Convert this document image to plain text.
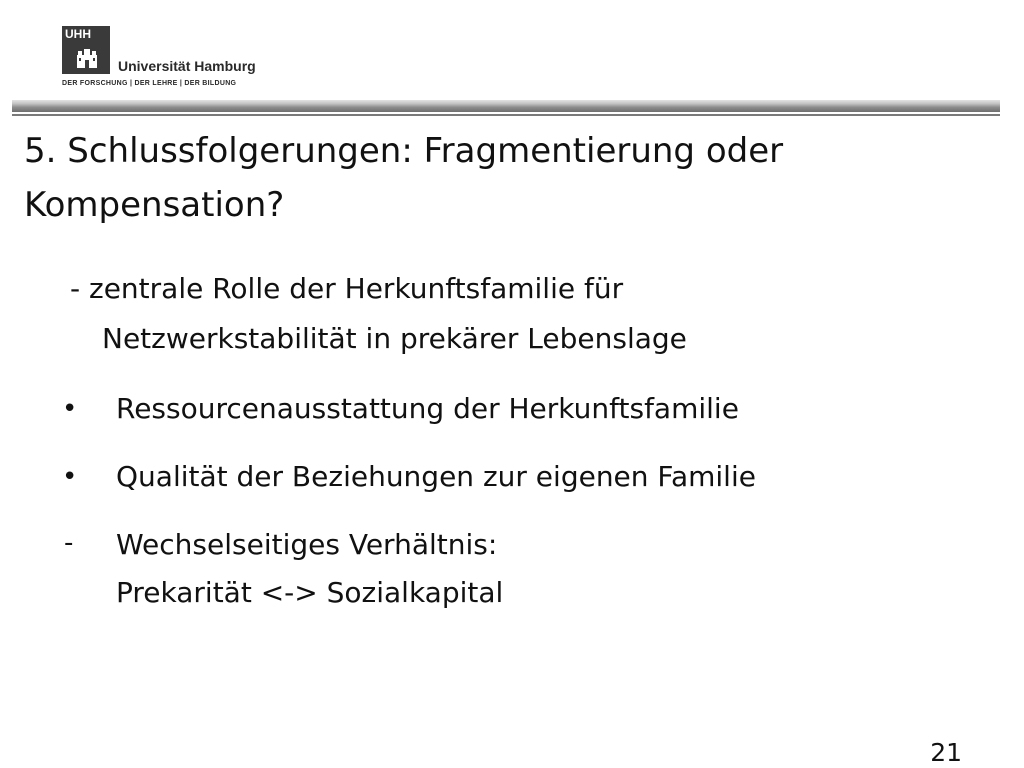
UHH
Universität Hamburg
DER FORSCHUNG | DER LEHRE | DER BILDUNG
5. Schlussfolgerungen: Fragmentierung oder
Kompensation?
- zentrale Rolle der Herkunftsfamilie für
Netzwerkstabilität in prekärer Lebenslage
• Ressourcenausstattung der Herkunftsfamilie
• Qualität der Beziehungen zur eigenen Familie
- Wechselseitiges Verhältnis:
Prekarität <-> Sozialkapital
21
